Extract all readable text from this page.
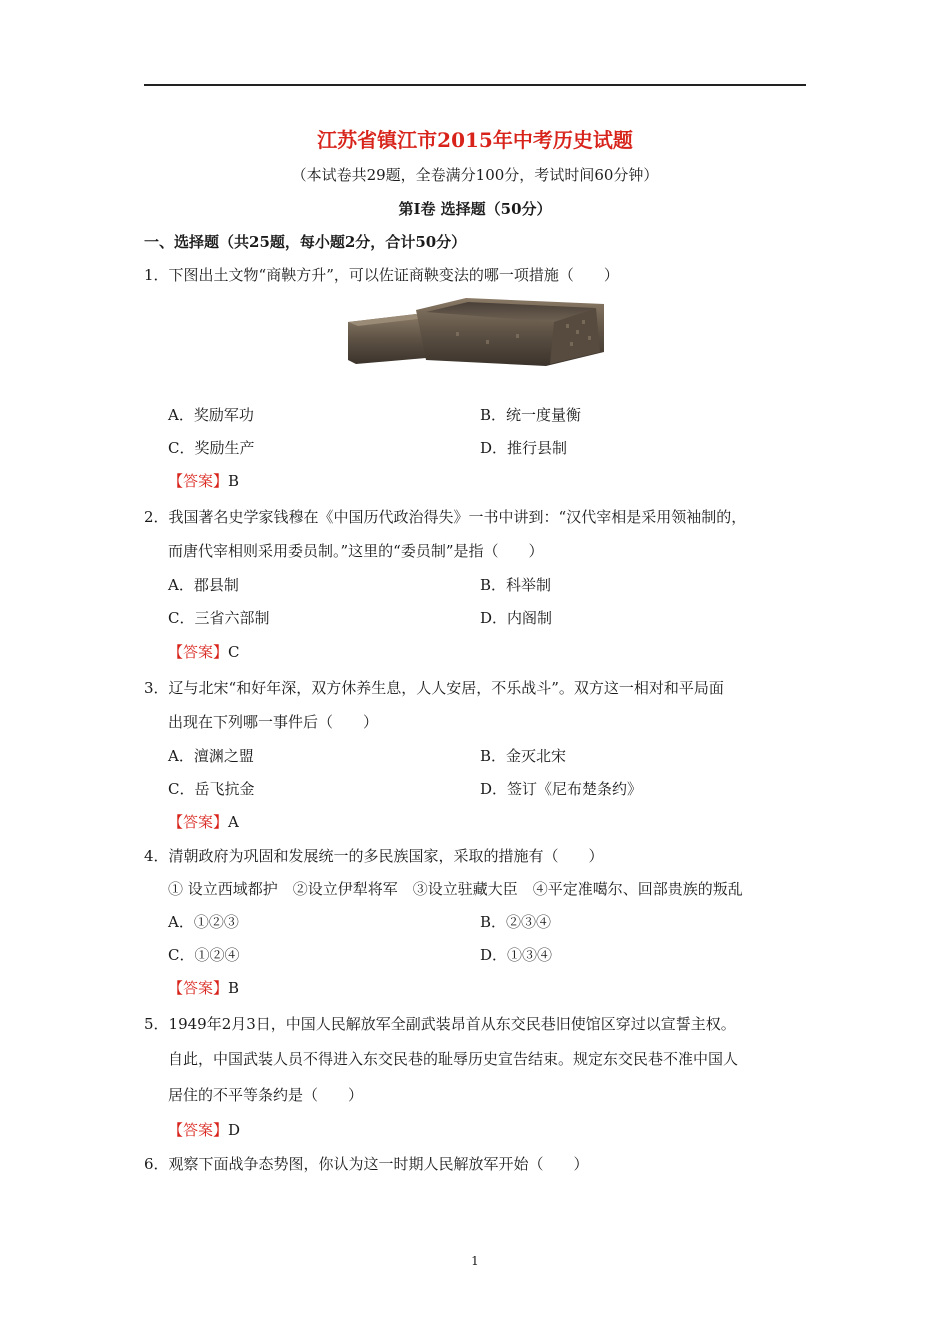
江苏省镇江市2015年中考历史试题
（本试卷共29题，全卷满分100分，考试时间60分钟）
第Ⅰ卷 选择题（50分）
一、选择题（共25题，每小题2分，合计50分）
1．下图出土文物“商鞅方升”，可以佐证商鞅变法的哪一项措施（　　）
A．奖励军功	B．统一度量衡
C．奖励生产	D．推行县制
【答案】B
2．我国著名史学家钱穆在《中国历代政治得失》一书中讲到：“汉代宰相是采用领袖制的，
而唐代宰相则采用委员制。”这里的“委员制”是指（　　）
A．郡县制	B．科举制
C．三省六部制	D．内阁制
【答案】C
3．辽与北宋“和好年深，双方休养生息，人人安居，不乐战斗”。双方这一相对和平局面
出现在下列哪一事件后（　　）
A．澶渊之盟	B．金灭北宋
C．岳飞抗金	D．签订《尼布楚条约》
【答案】A
4．清朝政府为巩固和发展统一的多民族国家，采取的措施有（　　）
① 设立西域都护　②设立伊犁将军　③设立驻藏大臣　④平定准噶尔、回部贵族的叛乱
A．①②③	B．②③④
C．①②④	D．①③④
【答案】B
5．1949年2月3日，中国人民解放军全副武装昂首从东交民巷旧使馆区穿过以宣誓主权。
自此，中国武装人员不得进入东交民巷的耻辱历史宣告结束。规定东交民巷不准中国人
居住的不平等条约是（　　）
【答案】D
6．观察下面战争态势图，你认为这一时期人民解放军开始（　　）
1
